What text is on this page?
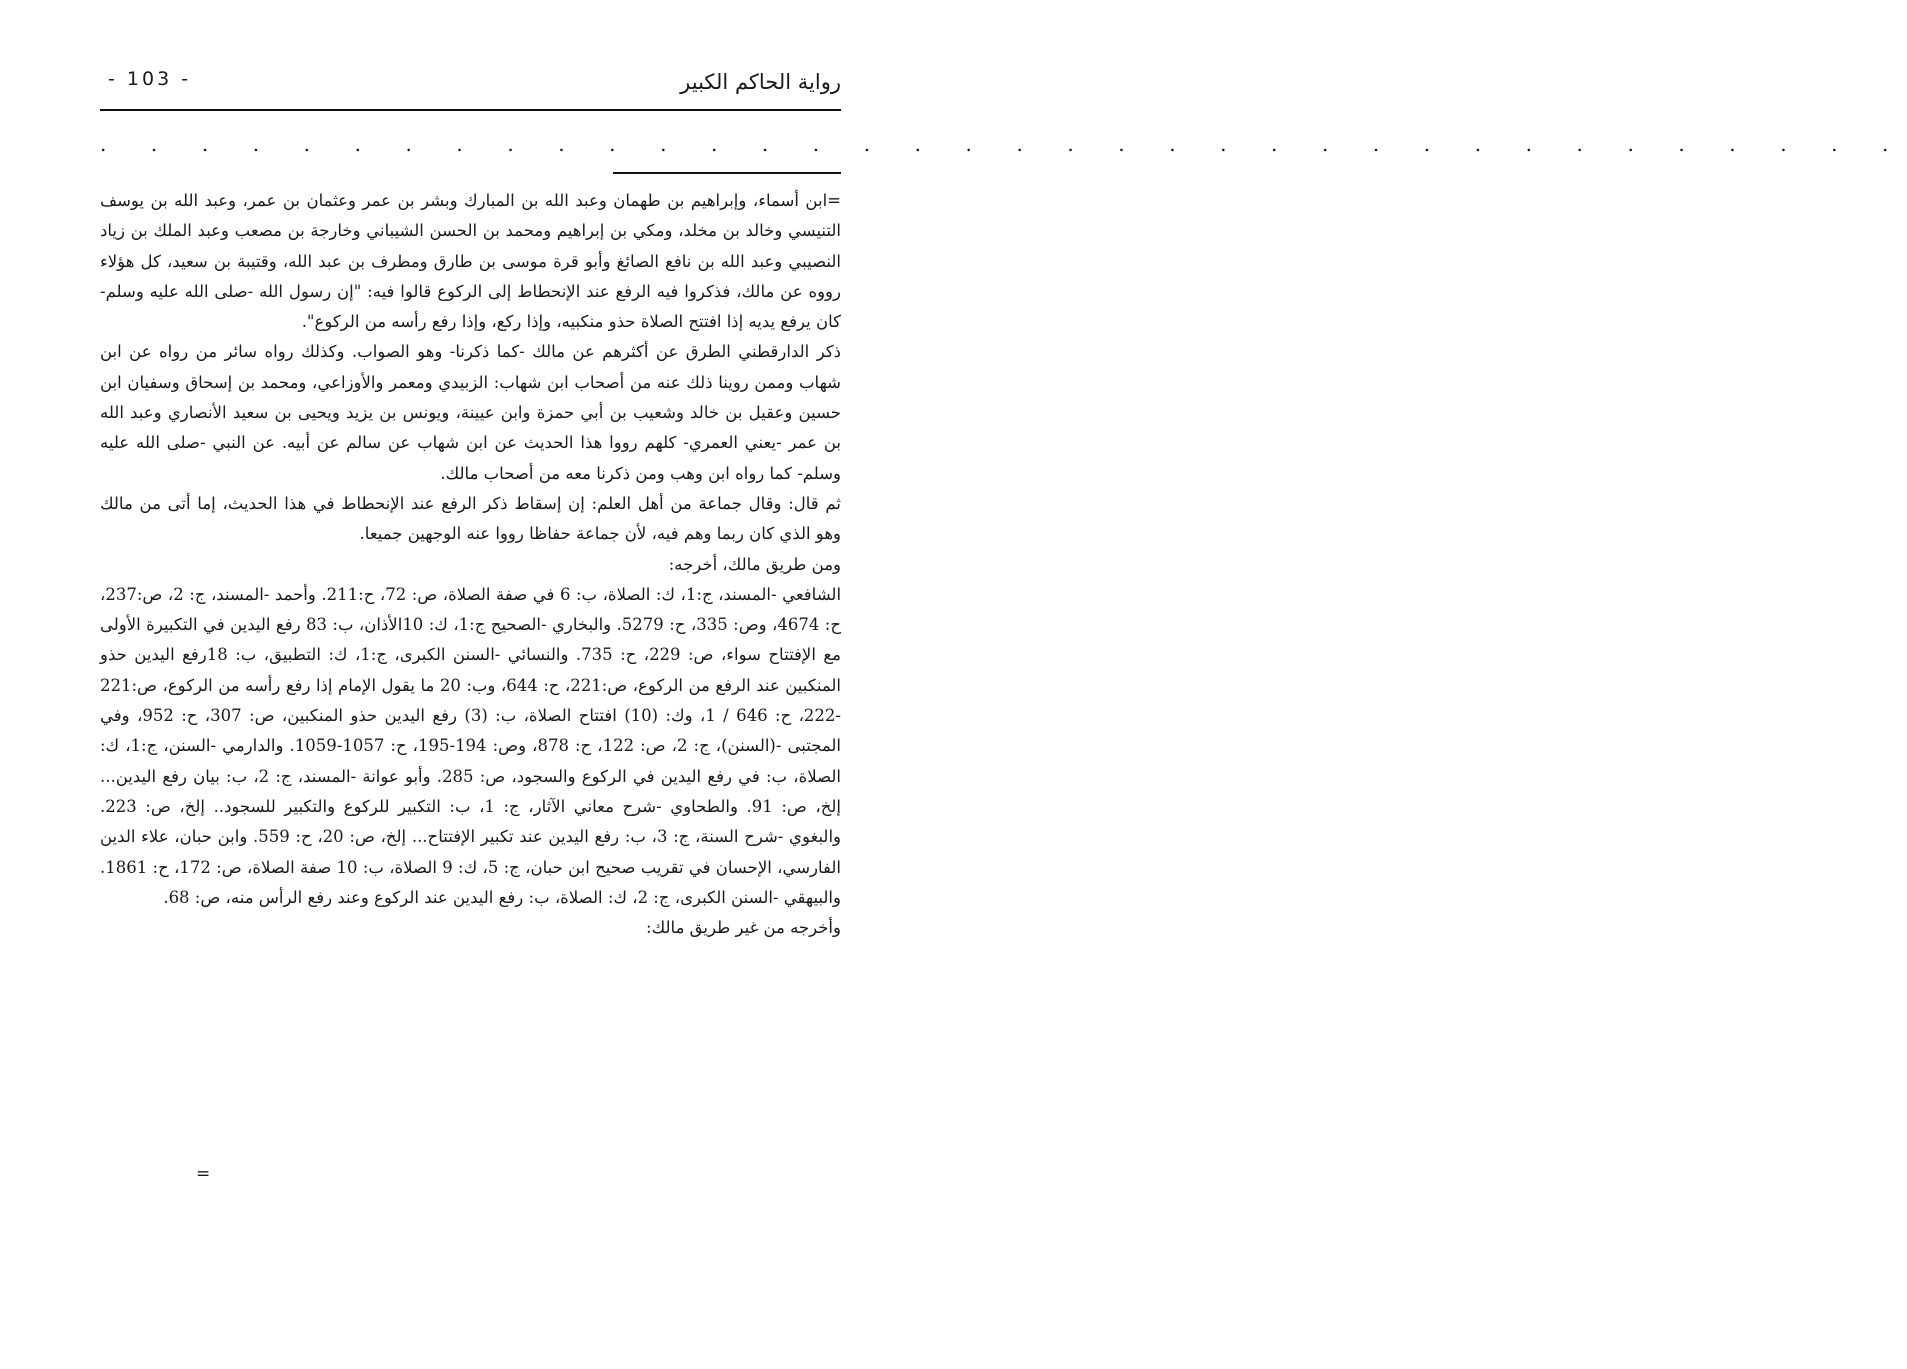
رواية الحاكم الكبير
- 103 -
. . . . . . . . . . . . . . . . . . . . . . . . . . . . . . . . . . . .

=ابن أسماء، وإبراهيم بن طهمان وعبد الله بن المبارك وبشر بن عمر وعثمان بن عمر، وعبد الله بن يوسف التنيسي وخالد بن مخلد، ومكي بن إبراهيم ومحمد بن الحسن الشيباني وخارجة بن مصعب وعبد الملك بن زياد النصيبي وعبد الله بن نافع الصائغ وأبو قرة موسى بن طارق ومطرف بن عبد الله، وقتيبة بن سعيد، كل هؤلاء رووه عن مالك، فذكروا فيه الرفع عند الإنحطاط إلى الركوع قالوا فيه: "إن رسول الله -صلى الله عليه وسلم- كان يرفع يديه إذا افتتح الصلاة حذو منكبيه، وإذا ركع، وإذا رفع رأسه من الركوع".

ذكر الدارقطني الطرق عن أكثرهم عن مالك -كما ذكرنا- وهو الصواب. وكذلك رواه سائر من رواه عن ابن شهاب وممن روينا ذلك عنه من أصحاب ابن شهاب: الزبيدي ومعمر والأوزاعي، ومحمد بن إسحاق وسفيان ابن حسين وعقيل بن خالد وشعيب بن أبي حمزة وابن عيينة، ويونس بن يزيد ويحيى بن سعيد الأنصاري وعبد الله بن عمر -يعني العمري- كلهم رووا هذا الحديث عن ابن شهاب عن سالم عن أبيه. عن النبي -صلى الله عليه وسلم- كما رواه ابن وهب ومن ذكرنا معه من أصحاب مالك.

ثم قال: وقال جماعة من أهل العلم: إن إسقاط ذكر الرفع عند الإنحطاط في هذا الحديث، إما أتى من مالك وهو الذي كان ربما وهم فيه، لأن جماعة حفاظا رووا عنه الوجهين جميعا.

ومن طريق مالك، أخرجه:

الشافعي -المسند، ج:1، ك: الصلاة، ب: 6 في صفة الصلاة، ص: 72، ح:211. وأحمد -المسند، ج: 2، ص:237، ح: 4674، وص: 335، ح: 5279. والبخاري -الصحيح ج:1، ك: 10الأذان، ب: 83 رفع اليدين في التكبيرة الأولى مع الإفتتاح سواء، ص: 229، ح: 735. والنسائي -السنن الكبرى، ج:1، ك: التطبيق، ب: 18رفع اليدين حذو المنكبين عند الرفع من الركوع، ص:221، ح: 644، وب: 20 ما يقول الإمام إذا رفع رأسه من الركوع، ص:221 -222، ح: 646 / 1، وك: (10) افتتاح الصلاة، ب: (3) رفع اليدين حذو المنكبين، ص: 307، ح: 952، وفي المجتبى -(السنن)، ج: 2، ص: 122، ح: 878، وص: 194-195، ح: 1057-1059. والدارمي -السنن، ج:1، ك: الصلاة، ب: في رفع اليدين في الركوع والسجود، ص: 285. وأبو عوانة -المسند، ج: 2، ب: بيان رفع اليدين... إلخ، ص: 91. والطحاوي -شرح معاني الآثار، ج: 1، ب: التكبير للركوع والتكبير للسجود.. إلخ، ص: 223. والبغوي -شرح السنة، ج: 3، ب: رفع اليدين عند تكبير الإفتتاح... إلخ، ص: 20، ح: 559. وابن حبان، علاء الدين الفارسي، الإحسان في تقريب صحيح ابن حبان، ج: 5، ك: 9 الصلاة، ب: 10 صفة الصلاة، ص: 172، ح: 1861. والبيهقي -السنن الكبرى، ج: 2، ك: الصلاة، ب: رفع اليدين عند الركوع وعند رفع الرأس منه، ص: 68.

وأخرجه من غير طريق مالك:

=
